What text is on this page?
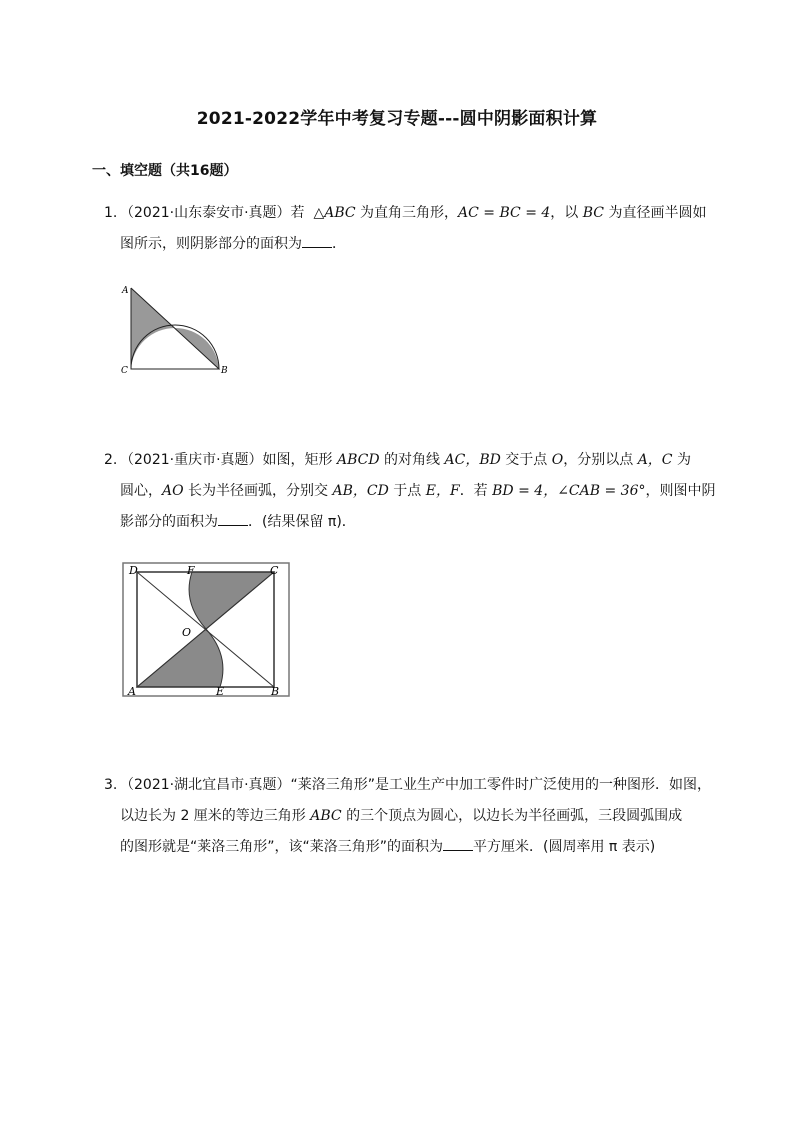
2021-2022学年中考复习专题---圆中阴影面积计算
一、填空题（共16题）
1. （2021·山东泰安市·真题）若 △ABC 为直角三角形，AC = BC = 4，以 BC 为直径画半圆如
图所示，则阴影部分的面积为 ．
A
C	B
2. （2021·重庆市·真题）如图，矩形 ABCD 的对角线 AC，BD 交于点 O，分别以点 A，C 为
圆心，AO 长为半径画弧，分别交 AB，CD 于点 E，F．若 BD = 4，∠CAB = 36°，则图中阴
影部分的面积为 ．(结果保留 π)．
D	F	C
O
A	E	B
3. （2021·湖北宜昌市·真题）“莱洛三角形”是工业生产中加工零件时广泛使用的一种图形．如图，
以边长为 2 厘米的等边三角形 ABC 的三个顶点为圆心，以边长为半径画弧，三段圆弧围成
的图形就是“莱洛三角形”，该“莱洛三角形”的面积为 平方厘米．(圆周率用 π 表示)
